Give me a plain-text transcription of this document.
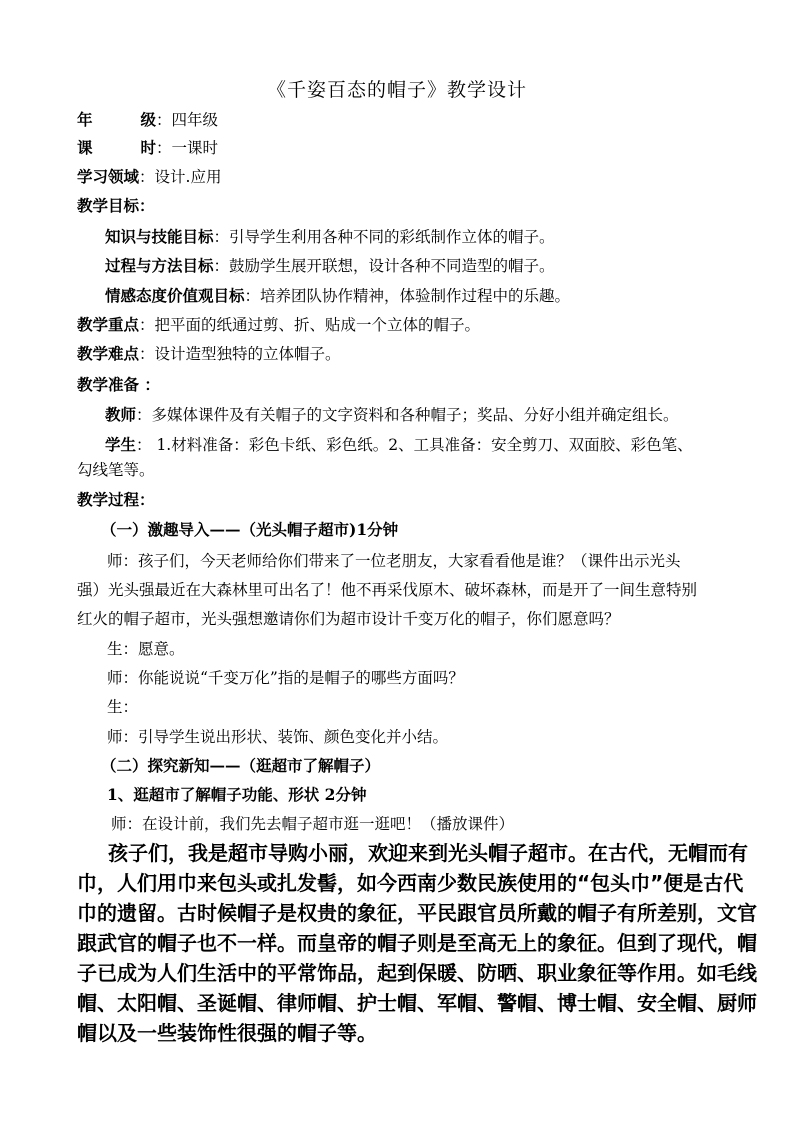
《千姿百态的帽子》教学设计
年	级：四年级
课	时：一课时
学习领域：设计.应用
教学目标：
知识与技能目标：引导学生利用各种不同的彩纸制作立体的帽子。
过程与方法目标：鼓励学生展开联想，设计各种不同造型的帽子。
情感态度价值观目标：培养团队协作精神，体验制作过程中的乐趣。
教学重点：把平面的纸通过剪、折、贴成一个立体的帽子。
教学难点：设计造型独特的立体帽子。
教学准备 ：
教师：多媒体课件及有关帽子的文字资料和各种帽子；奖品、分好小组并确定组长。
学生： 1.材料准备：彩色卡纸、彩色纸。2、工具准备：安全剪刀、双面胶、彩色笔、
勾线笔等。
教学过程：
（一）激趣导入——（光头帽子超市)1分钟
师：孩子们，今天老师给你们带来了一位老朋友，大家看看他是谁？（课件出示光头
强）光头强最近在大森林里可出名了！他不再采伐原木、破坏森林，而是开了一间生意特别
红火的帽子超市，光头强想邀请你们为超市设计千变万化的帽子，你们愿意吗？
生：愿意。
师：你能说说“千变万化”指的是帽子的哪些方面吗？
生：
师：引导学生说出形状、装饰、颜色变化并小结。
（二）探究新知——（逛超市了解帽子）
1、逛超市了解帽子功能、形状 2分钟
师：在设计前，我们先去帽子超市逛一逛吧！（播放课件）
孩子们，我是超市导购小丽，欢迎来到光头帽子超市。在古代，无帽而有
巾，人们用巾来包头或扎发髻，如今西南少数民族使用的“包头巾”便是古代
巾的遗留。古时候帽子是权贵的象征，平民跟官员所戴的帽子有所差别，文官
跟武官的帽子也不一样。而皇帝的帽子则是至高无上的象征。但到了现代，帽
子已成为人们生活中的平常饰品，起到保暖、防晒、职业象征等作用。如毛线
帽、太阳帽、圣诞帽、律师帽、护士帽、军帽、警帽、博士帽、安全帽、厨师
帽以及一些装饰性很强的帽子等。
